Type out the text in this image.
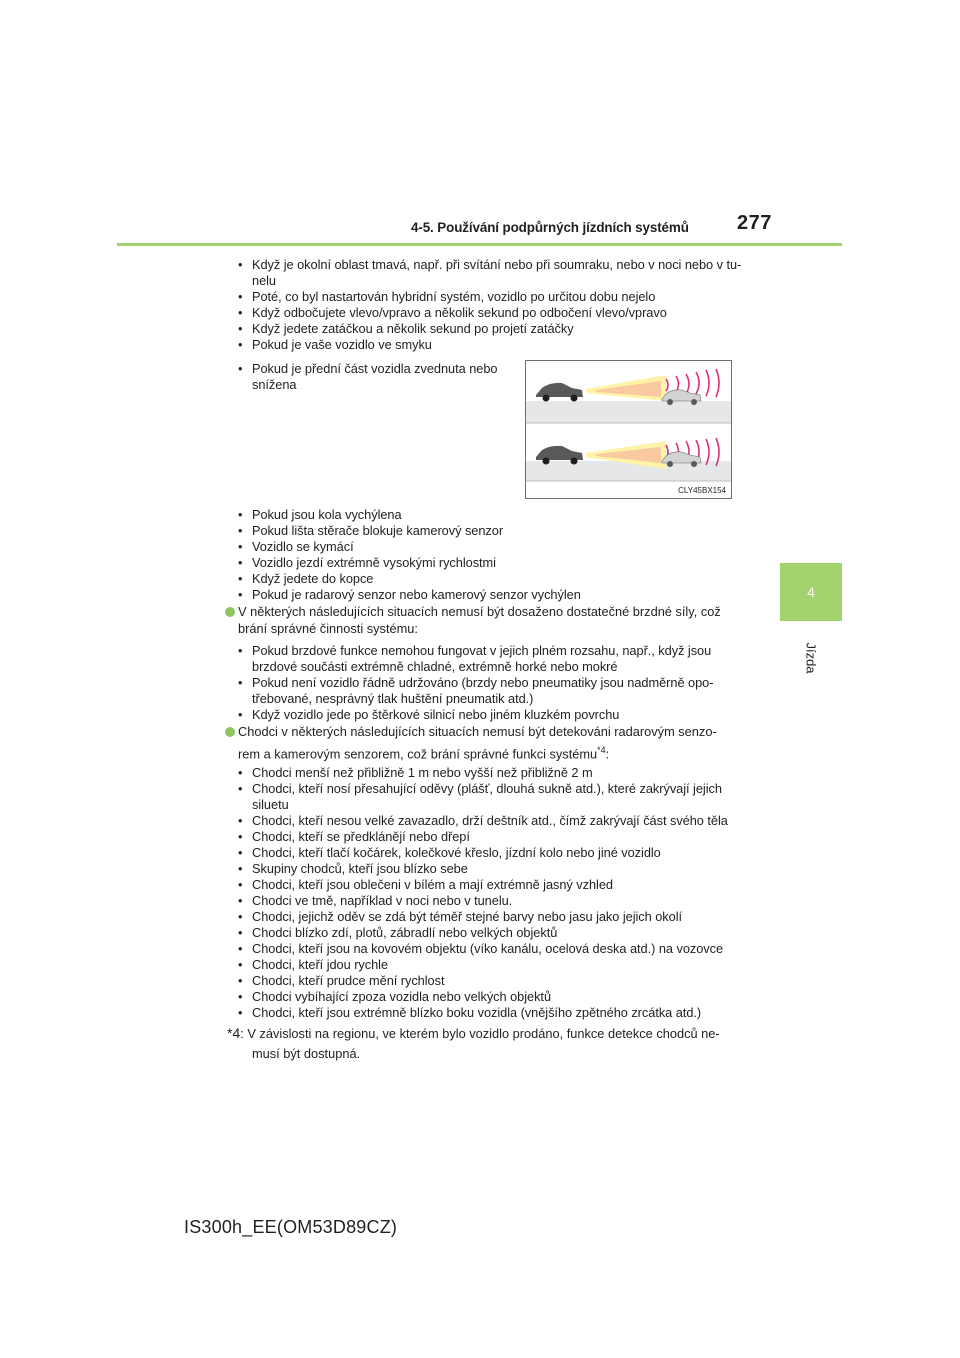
4-5. Používání podpůrných jízdních systémů 277
4
Jízda
• Když je okolní oblast tmavá, např. při svítání nebo při soumraku, nebo v noci nebo v tu-
nelu
• Poté, co byl nastartován hybridní systém, vozidlo po určitou dobu nejelo
• Když odbočujete vlevo/vpravo a několik sekund po odbočení vlevo/vpravo
• Když jedete zatáčkou a několik sekund po projetí zatáčky
• Pokud je vaše vozidlo ve smyku
• Pokud je přední část vozidla zvednuta nebo
snížena
CLY45BX154
• Pokud jsou kola vychýlena
• Pokud lišta stěrače blokuje kamerový senzor
• Vozidlo se kymácí
• Vozidlo jezdí extrémně vysokými rychlostmi
• Když jedete do kopce
• Pokud je radarový senzor nebo kamerový senzor vychýlen
V některých následujících situacích nemusí být dosaženo dostatečné brzdné síly, což
brání správné činnosti systému:
• Pokud brzdové funkce nemohou fungovat v jejich plném rozsahu, např., když jsou
brzdové součásti extrémně chladné, extrémně horké nebo mokré
• Pokud není vozidlo řádně udržováno (brzdy nebo pneumatiky jsou nadměrně opo-
třebované, nesprávný tlak huštění pneumatik atd.)
• Když vozidlo jede po štěrkové silnicí nebo jiném kluzkém povrchu
Chodci v některých následujících situacích nemusí být detekováni radarovým senzo-
rem a kamerovým senzorem, což brání správné funkci systému$^{*4}$:
• Chodci menší než přibližně 1 m nebo vyšší než přibližně 2 m
• Chodci, kteří nosí přesahující oděvy (plášť, dlouhá sukně atd.), které zakrývají jejich
siluetu
• Chodci, kteří nesou velké zavazadlo, drží deštník atd., čímž zakrývají část svého těla
• Chodci, kteří se předklánějí nebo dřepí
• Chodci, kteří tlačí kočárek, kolečkové křeslo, jízdní kolo nebo jiné vozidlo
• Skupiny chodců, kteří jsou blízko sebe
• Chodci, kteří jsou oblečeni v bílém a mají extrémně jasný vzhled
• Chodci ve tmě, například v noci nebo v tunelu.
• Chodci, jejichž oděv se zdá být téměř stejné barvy nebo jasu jako jejich okolí
• Chodci blízko zdí, plotů, zábradlí nebo velkých objektů
• Chodci, kteří jsou na kovovém objektu (víko kanálu, ocelová deska atd.) na vozovce
• Chodci, kteří jdou rychle
• Chodci, kteří prudce mění rychlost
• Chodci vybíhající zpoza vozidla nebo velkých objektů
• Chodci, kteří jsou extrémně blízko boku vozidla (vnějšího zpětného zrcátka atd.)
*4: V závislosti na regionu, ve kterém bylo vozidlo prodáno, funkce detekce chodců ne-
musí být dostupná.
IS300h_EE(OM53D89CZ)
